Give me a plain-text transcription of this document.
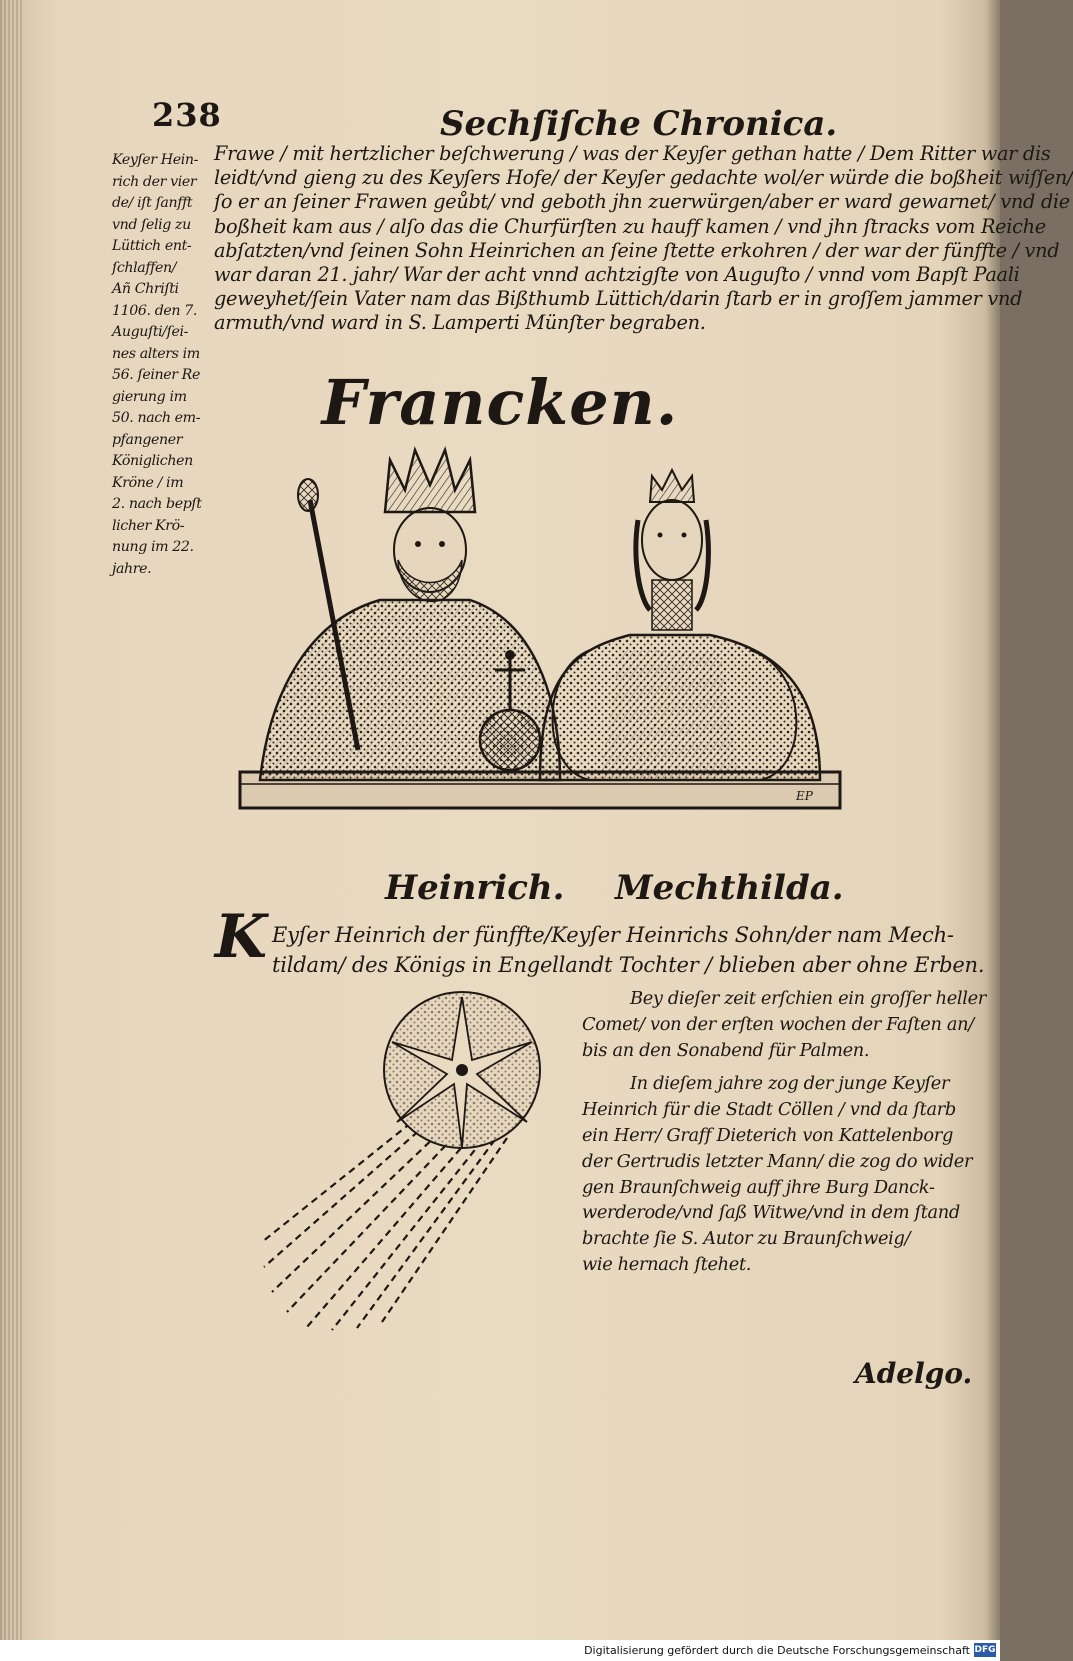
238	Sechſiſche Chronica.
Keyſer Hein-
rich der vier
de/ iſt ſanfft
vnd ſelig zu
Lüttich ent-
ſchlaffen/
Añ Chriſti
1106. den 7.
Auguſti/ſei-
nes alters im
56. ſeiner Re
gierung im
50. nach em-
pfangener
Königlichen
Kröne / im
2. nach bepſt
licher Krö-
nung im 22.
jahre.
Frawe / mit hertzlicher beſchwerung / was der Keyſer gethan hatte / Dem Ritter war dis
leidt/vnd gieng zu des Keyſers Hofe/ der Keyſer gedachte wol/er würde die boßheit wiſſen/
ſo er an ſeiner Frawen geůbt/ vnd geboth jhn zuerwürgen/aber er ward gewarnet/ vnd die
boßheit kam aus / alſo das die Churfürſten zu hauff kamen / vnd jhn ſtracks vom Reiche
abſatzten/vnd ſeinen Sohn Heinrichen an ſeine ſtette erkohren / der war der fünffte / vnd
war daran 21. jahr/ War der acht vnnd achtzigſte von Auguſto / vnnd vom Bapſt Paali
geweyhet/ſein Vater nam das Bißthumb Lüttich/darin ſtarb er in groſſem jammer vnd
armuth/vnd ward in S. Lamperti Münſter begraben.
Francken.
EP
Heinrich. Mechthilda.
K Eyſer Heinrich der fünffte/Keyſer Heinrichs Sohn/der nam Mech-
tildam/ des Königs in Engellandt Tochter / blieben aber ohne Erben.
Bey dieſer zeit erſchien ein groſſer heller
Comet/ von der erſten wochen der Faſten an/
bis an den Sonabend für Palmen.
In dieſem jahre zog der junge Keyſer
Heinrich für die Stadt Cöllen / vnd da ſtarb
ein Herr/ Graff Dieterich von Kattelenborg
der Gertrudis letzter Mann/ die zog do wider
gen Braunſchweig auff jhre Burg Danck-
werderode/vnd ſaß Witwe/vnd in dem ſtand
brachte ſie S. Autor zu Braunſchweig/
wie hernach ſtehet.
Adelgo.
Digitalisierung gefördert durch die Deutsche Forschungsgemeinschaft DFG
